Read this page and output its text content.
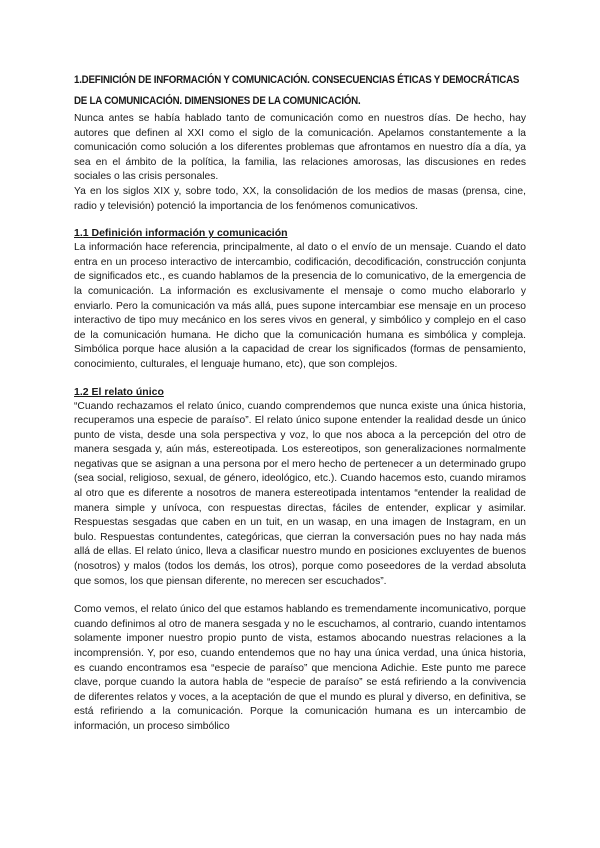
1.DEFINICIÓN DE INFORMACIÓN Y COMUNICACIÓN. CONSECUENCIAS ÉTICAS Y DEMOCRÁTICAS DE LA COMUNICACIÓN. DIMENSIONES DE LA COMUNICACIÓN.

Nunca antes se había hablado tanto de comunicación como en nuestros días. De hecho, hay autores que definen al XXI como el siglo de la comunicación. Apelamos constantemente a la comunicación como solución a los diferentes problemas que afrontamos en nuestro día a día, ya sea en el ámbito de la política, la familia, las relaciones amorosas, las discusiones en redes sociales o las crisis personales.

Ya en los siglos XIX y, sobre todo, XX, la consolidación de los medios de masas (prensa, cine, radio y televisión) potenció la importancia de los fenómenos comunicativos.

1.1 Definición información y comunicación

La información hace referencia, principalmente, al dato o el envío de un mensaje. Cuando el dato entra en un proceso interactivo de intercambio, codificación, decodificación, construcción conjunta de significados etc., es cuando hablamos de la presencia de lo comunicativo, de la emergencia de la comunicación. La información es exclusivamente el mensaje o como mucho elaborarlo y enviarlo. Pero la comunicación va más allá, pues supone intercambiar ese mensaje en un proceso interactivo de tipo muy mecánico en los seres vivos en general, y simbólico y complejo en el caso de la comunicación humana. He dicho que la comunicación humana es simbólica y compleja. Simbólica porque hace alusión a la capacidad de crear los significados (formas de pensamiento, conocimiento, culturales, el lenguaje humano, etc), que son complejos.

1.2 El relato único

“Cuando rechazamos el relato único, cuando comprendemos que nunca existe una única historia, recuperamos una especie de paraíso”. El relato único supone entender la realidad desde un único punto de vista, desde una sola perspectiva y voz, lo que nos aboca a la percepción del otro de manera sesgada y, aún más, estereotipada. Los estereotipos, son generalizaciones normalmente negativas que se asignan a una persona por el mero hecho de pertenecer a un determinado grupo (sea social, religioso, sexual, de género, ideológico, etc.). Cuando hacemos esto, cuando miramos al otro que es diferente a nosotros de manera estereotipada intentamos “entender la realidad de manera simple y unívoca, con respuestas directas, fáciles de entender, explicar y asimilar. Respuestas sesgadas que caben en un tuit, en un wasap, en una imagen de Instagram, en un bulo. Respuestas contundentes, categóricas, que cierran la conversación pues no hay nada más allá de ellas. El relato único, lleva a clasificar nuestro mundo en posiciones excluyentes de buenos (nosotros) y malos (todos los demás, los otros), porque como poseedores de la verdad absoluta que somos, los que piensan diferente, no merecen ser escuchados”.

Como vemos, el relato único del que estamos hablando es tremendamente incomunicativo, porque cuando definimos al otro de manera sesgada y no le escuchamos, al contrario, cuando intentamos solamente imponer nuestro propio punto de vista, estamos abocando nuestras relaciones a la incomprensión. Y, por eso, cuando entendemos que no hay una única verdad, una única historia, es cuando encontramos esa “especie de paraíso” que menciona Adichie. Este punto me parece clave, porque cuando la autora habla de “especie de paraíso” se está refiriendo a la convivencia de diferentes relatos y voces, a la aceptación de que el mundo es plural y diverso, en definitiva, se está refiriendo a la comunicación. Porque la comunicación humana es un intercambio de información, un proceso simbólico
